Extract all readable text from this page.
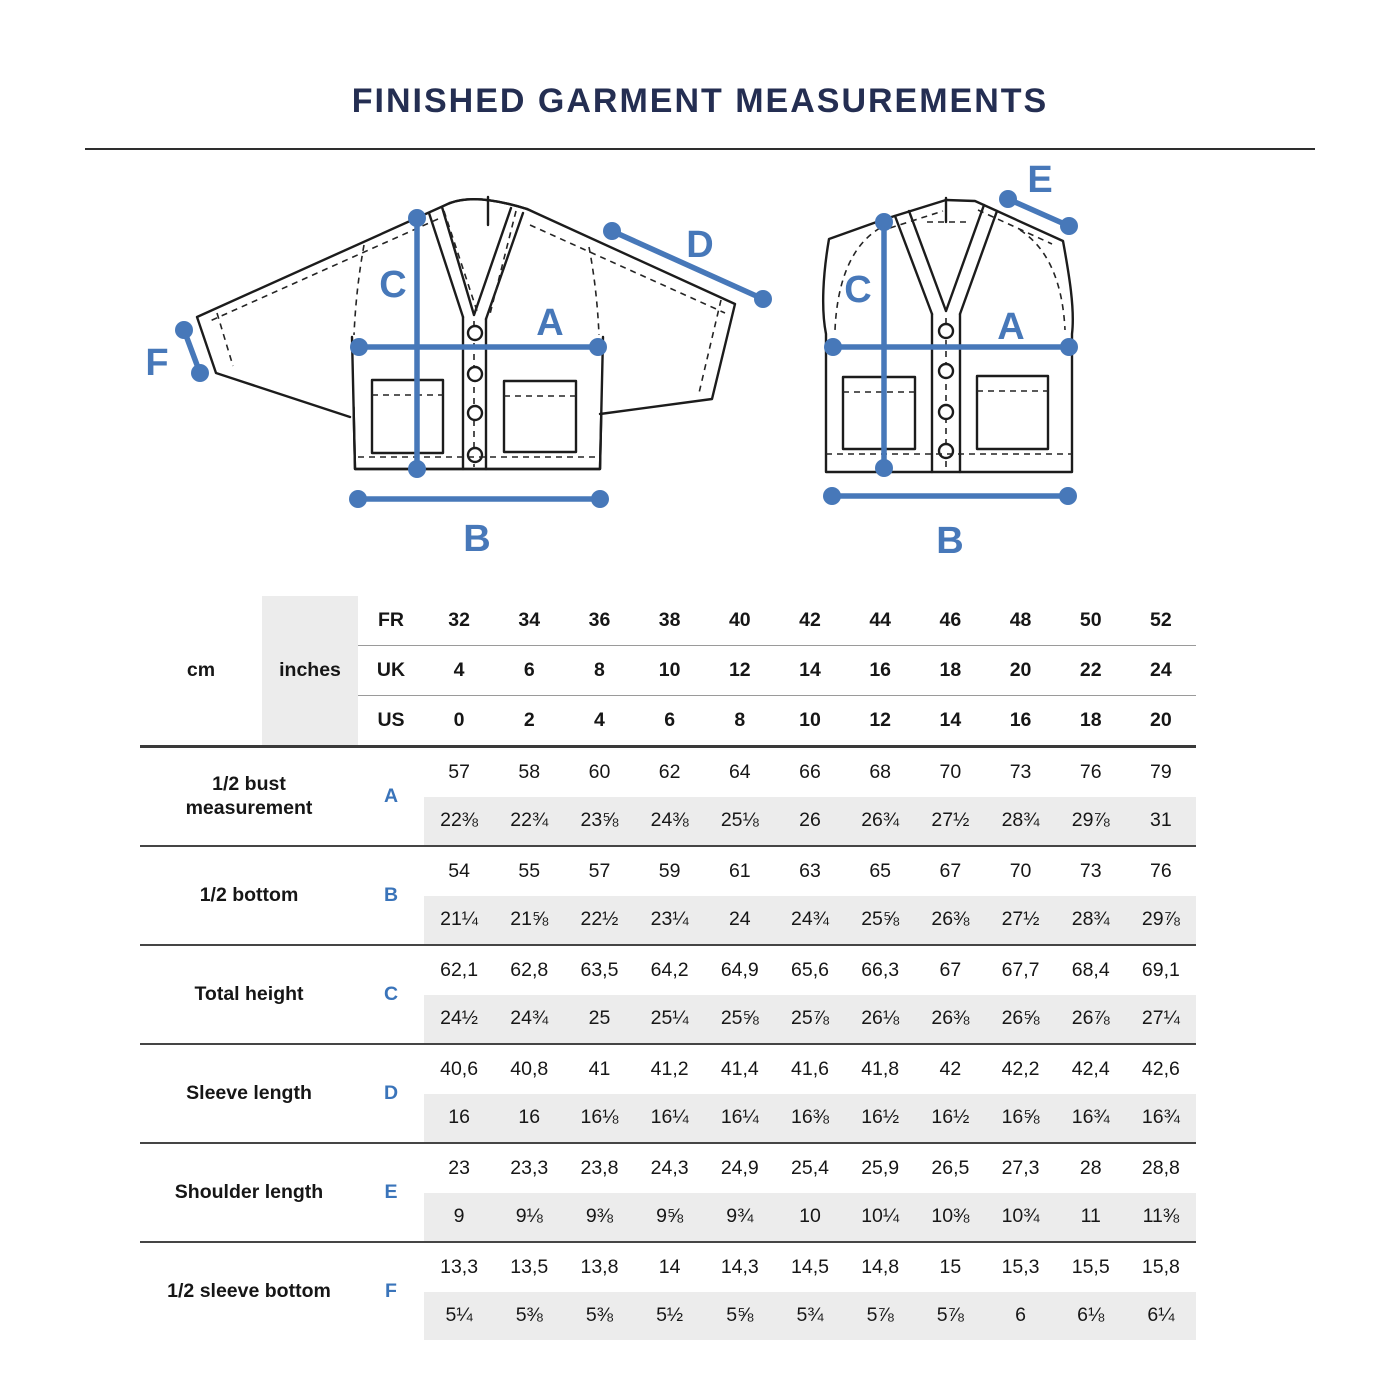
FINISHED GARMENT MEASUREMENTS
C
A
B
D
F
C
A
B
E
cm	inches
FR	32	34	36	38	40	42	44	46	48	50	52
UK	4	6	8	10	12	14	16	18	20	22	24
US	0	2	4	6	8	10	12	14	16	18	20
1/2 bust measurement
A
57	58	60	62	64	66	68	70	73	76	79
22⅜	22¾	23⅝	24⅜	25⅛	26	26¾	27½	28¾	29⅞	31
1/2 bottom	B
54	55	57	59	61	63	65	67	70	73	76
21¼	21⅝	22½	23¼	24	24¾	25⅝	26⅜	27½	28¾	29⅞
Total height	C
62,1	62,8	63,5	64,2	64,9	65,6	66,3	67	67,7	68,4	69,1
24½	24¾	25	25¼	25⅝	25⅞	26⅛	26⅜	26⅝	26⅞	27¼
Sleeve length	D
40,6	40,8	41	41,2	41,4	41,6	41,8	42	42,2	42,4	42,6
16	16	16⅛	16¼	16¼	16⅜	16½	16½	16⅝	16¾	16¾
Shoulder length	E
23	23,3	23,8	24,3	24,9	25,4	25,9	26,5	27,3	28	28,8
9	9⅛	9⅜	9⅝	9¾	10	10¼	10⅜	10¾	11	11⅜
1/2 sleeve bottom	F
13,3	13,5	13,8	14	14,3	14,5	14,8	15	15,3	15,5	15,8
5¼	5⅜	5⅜	5½	5⅝	5¾	5⅞	5⅞	6	6⅛	6¼
